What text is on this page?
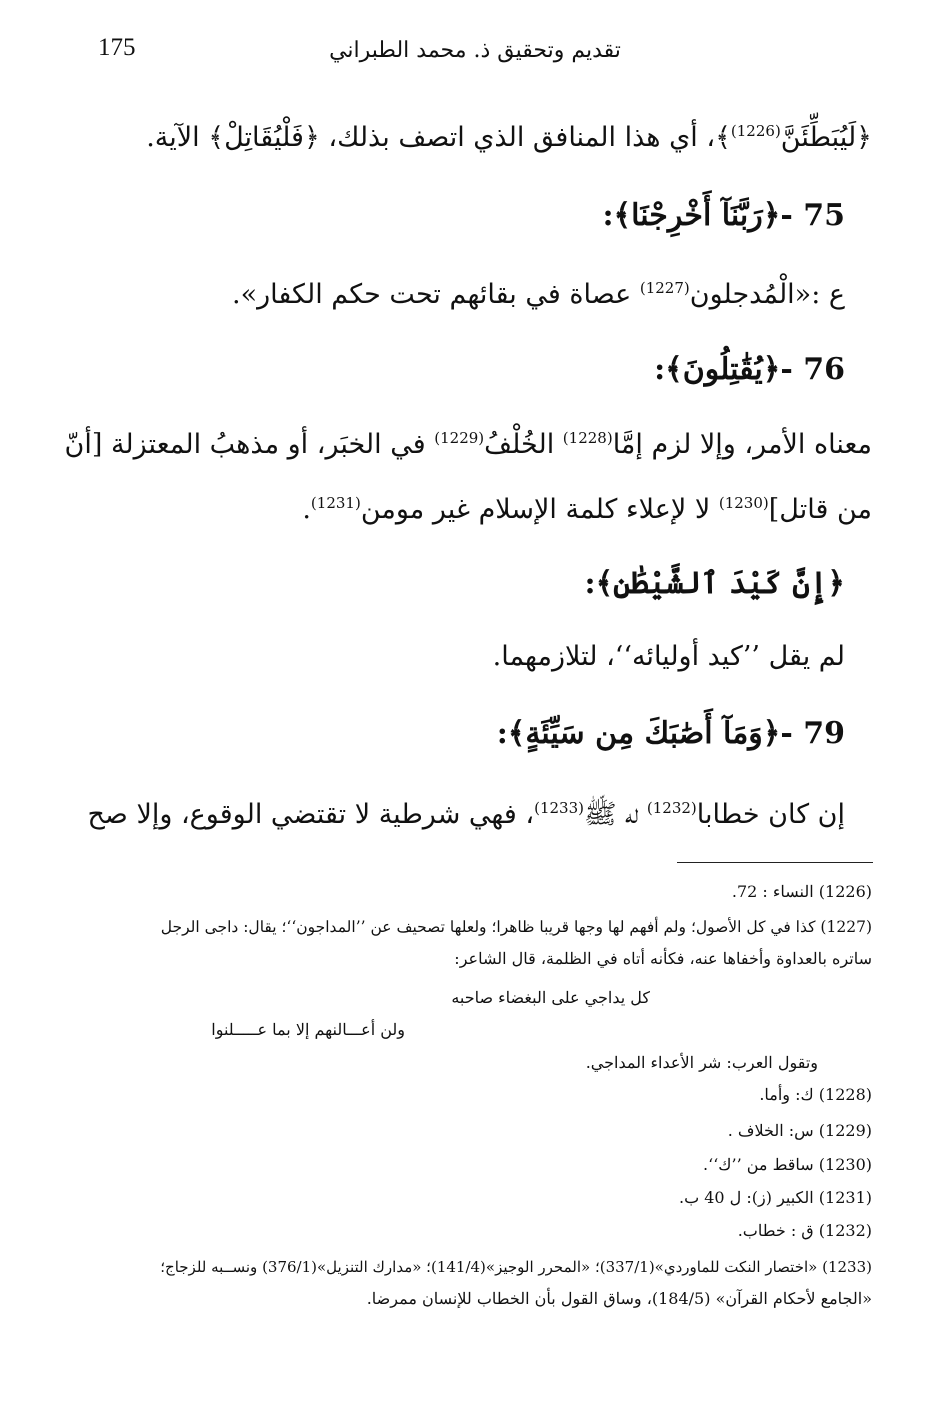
175	تقديم وتحقيق ذ. محمد الطبراني
﴿لَيُبَطِّئَنَّ$^{(1226)}$﴾، أي هذا المنافق الذي اتصف بذلك، ﴿فَلْيُقَاتِلْ﴾ الآية.
75 -﴿رَبَّنَآ أَخْرِجْنَا﴾:
ع :«الْمُدجلون$^{(1227)}$ عصاة في بقائهم تحت حكم الكفار».
76 -﴿يُقَٰتِلُونَ﴾:
معناه الأمر، وإلا لزم إمَّا$^{(1228)}$ الخُلْفُ$^{(1229)}$ في الخبَر، أو مذهبُ المعتزلة [أنّ
من قاتل]$^{(1230)}$ لا لإعلاء كلمة الإسلام غير مومن$^{(1231)}$.
﴿إِنَّ كَيْدَ ٱلشَّيْطَٰنِ﴾:
لم يقل ’’كيد أوليائه‘‘، لتلازمهما.
79 -﴿وَمَآ أَصَٰبَكَ مِن سَيِّئَةٍ﴾:
إن كان خطابا$^{(1232)}$ له ﷺ$^{(1233)}$، فهي شرطية لا تقتضي الوقوع، وإلا صح
(1226) النساء : 72.
(1227) كذا في كل الأصول؛ ولم أفهم لها وجها قريبا ظاهرا؛ ولعلها تصحيف عن ’’المداجون‘‘؛ يقال: داجى الرجل
ساتره بالعداوة وأخفاها عنه، فكأنه أتاه في الظلمة، قال الشاعر:
كل يداجي على البغضاء صاحبه
ولن أعـــالنهم إلا بما عـــــلنوا
وتقول العرب: شر الأعداء المداجي.
(1228) ك: وأما.
(1229) س: الخلاف .
(1230) ساقط من ’’ك‘‘.
(1231) الكبير (ز): ل 40 ب.
(1232) ق : خطاب.
(1233) «اختصار النكت للماوردي»(337/1)؛ «المحرر الوجيز»(141/4)؛ «مدارك التنزيل»(376/1) ونســبه للزجاج؛
«الجامع لأحكام القرآن» (184/5)، وساق القول بأن الخطاب للإنسان ممرضا.
